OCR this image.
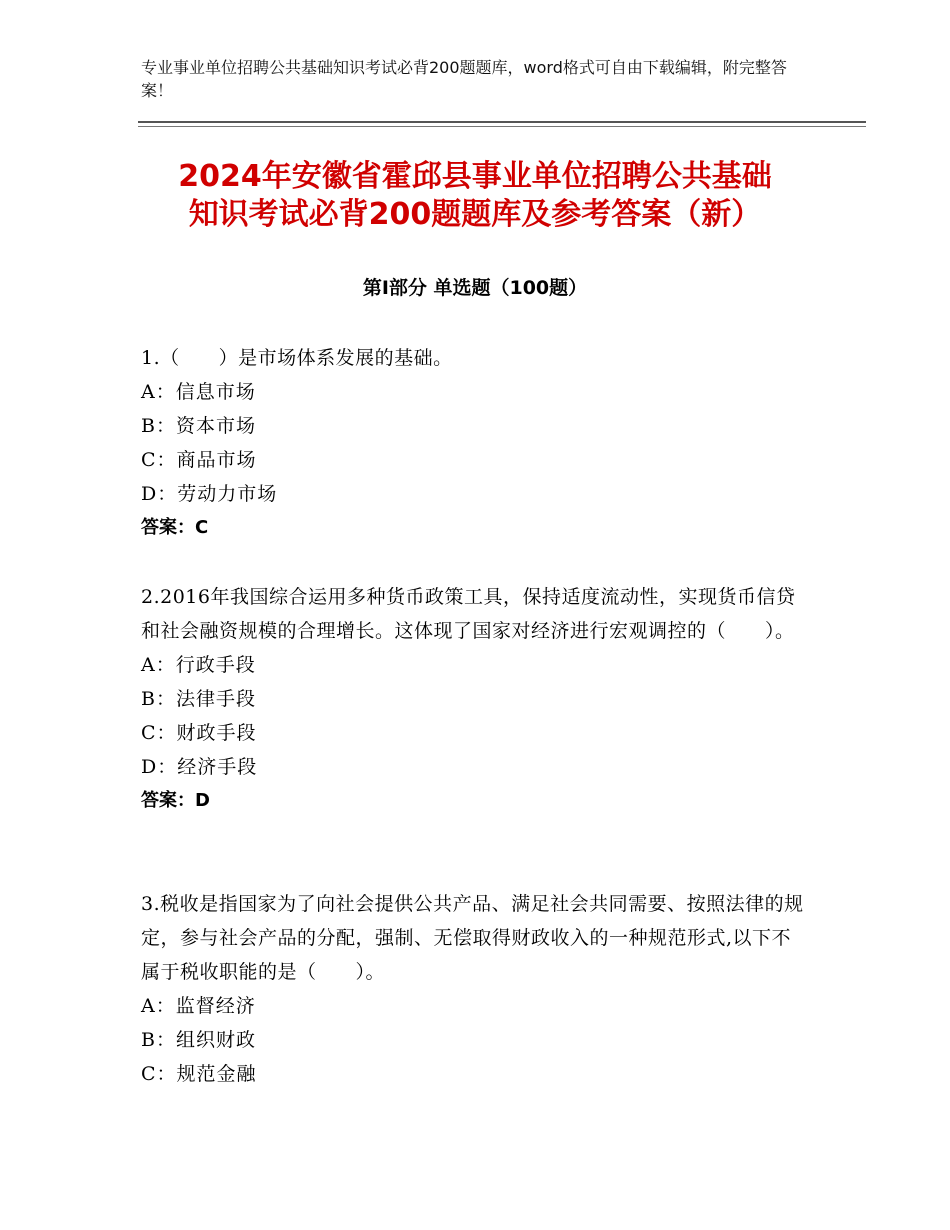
专业事业单位招聘公共基础知识考试必背200题题库，word格式可自由下载编辑，附完整答案！
2024年安徽省霍邱县事业单位招聘公共基础
知识考试必背200题题库及参考答案（新）
第Ⅰ部分 单选题（100题）
1.（　　）是市场体系发展的基础。
A：信息市场
B：资本市场
C：商品市场
D：劳动力市场
答案：C
2.2016年我国综合运用多种货币政策工具，保持适度流动性，实现货币信贷和社会融资规模的合理增长。这体现了国家对经济进行宏观调控的（　　）。
A：行政手段
B：法律手段
C：财政手段
D：经济手段
答案：D
3.税收是指国家为了向社会提供公共产品、满足社会共同需要、按照法律的规定，参与社会产品的分配，强制、无偿取得财政收入的一种规范形式,以下不属于税收职能的是（　　）。
A：监督经济
B：组织财政
C：规范金融
